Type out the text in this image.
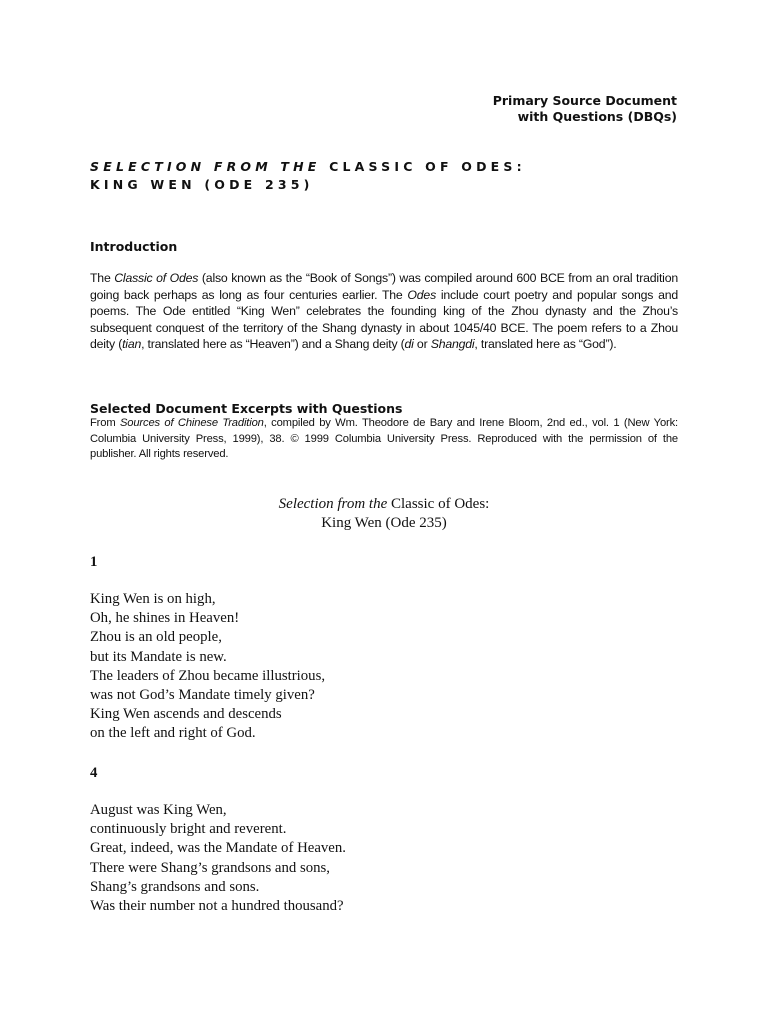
Primary Source Document
with Questions (DBQs)
SELECTION FROM THE CLASSIC OF ODES:
KING WEN (ODE 235)
Introduction
The Classic of Odes (also known as the “Book of Songs”) was compiled around 600 BCE from an oral tradition going back perhaps as long as four centuries earlier. The Odes include court poetry and popular songs and poems. The Ode entitled “King Wen” celebrates the founding king of the Zhou dynasty and the Zhou’s subsequent conquest of the territory of the Shang dynasty in about 1045/40 BCE. The poem refers to a Zhou deity (tian, translated here as “Heaven”) and a Shang deity (di or Shangdi, translated here as “God”).
Selected Document Excerpts with Questions
From Sources of Chinese Tradition, compiled by Wm. Theodore de Bary and Irene Bloom, 2nd ed., vol. 1 (New York: Columbia University Press, 1999), 38. © 1999 Columbia University Press. Reproduced with the permission of the publisher. All rights reserved.
Selection from the Classic of Odes:
King Wen (Ode 235)
1
King Wen is on high,
Oh, he shines in Heaven!
Zhou is an old people,
but its Mandate is new.
The leaders of Zhou became illustrious,
was not God’s Mandate timely given?
King Wen ascends and descends
on the left and right of God.
4
August was King Wen,
continuously bright and reverent.
Great, indeed, was the Mandate of Heaven.
There were Shang’s grandsons and sons,
Shang’s grandsons and sons.
Was their number not a hundred thousand?
